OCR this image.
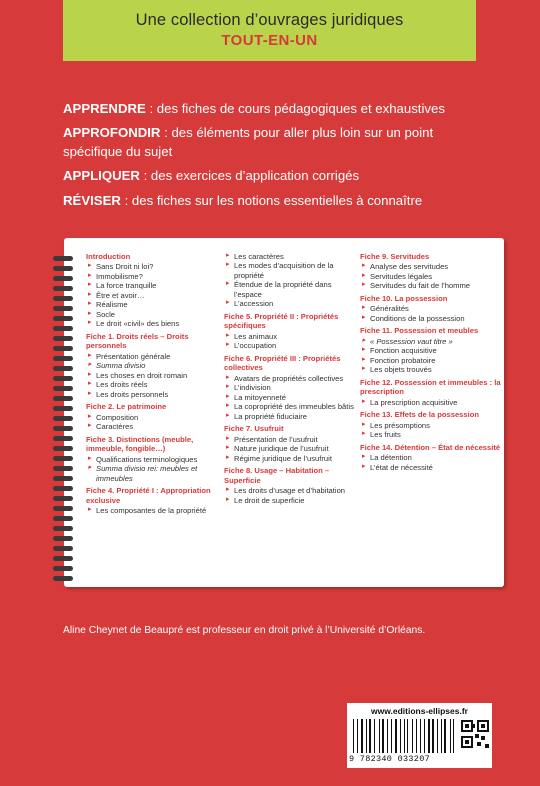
Une collection d’ouvrages juridiques
TOUT-EN-UN
APPRENDRE : des fiches de cours pédagogiques et exhaustives
APPROFONDIR : des éléments pour aller plus loin sur un point spécifique du sujet
APPLIQUER : des exercices d’application corrigés
RÉVISER : des fiches sur les notions essentielles à connaître
Introduction
▸ Sans Droit ni loi?
▸ Immobilisme?
▸ La force tranquille
▸ Être et avoir…
▸ Réalisme
▸ Socle
▸ Le droit «civil» des biens
Fiche 1. Droits réels – Droits personnels
▸ Présentation générale
▸ Summa divisio
▸ Les choses en droit romain
▸ Les droits réels
▸ Les droits personnels
Fiche 2. Le patrimoine
▸ Composition
▸ Caractères
Fiche 3. Distinctions (meuble, immeuble, fongible…)
▸ Qualifications terminologiques
▸ Summa divisio rei: meubles et immeubles
Fiche 4. Propriété I : Appropriation exclusive
▸ Les composantes de la propriété
▸ Les caractères
▸ Les modes d’acquisition de la propriété
▸ Étendue de la propriété dans l’espace
▸ L’accession
Fiche 5. Propriété II : Propriétés spécifiques
▸ Les animaux
▸ L’occupation
Fiche 6. Propriété III : Propriétés collectives
▸ Avatars de propriétés collectives
▸ L’indivision
▸ La mitoyenneté
▸ La copropriété des immeubles bâtis
▸ La propriété fiduciaire
Fiche 7. Usufruit
▸ Présentation de l’usufruit
▸ Nature juridique de l’usufruit
▸ Régime juridique de l’usufruit
Fiche 8. Usage – Habitation – Superficie
▸ Les droits d’usage et d’habitation
▸ Le droit de superficie
Fiche 9. Servitudes
▸ Analyse des servitudes
▸ Servitudes légales
▸ Servitudes du fait de l’homme
Fiche 10. La possession
▸ Généralités
▸ Conditions de la possession
Fiche 11. Possession et meubles
▸ « Possession vaut titre »
▸ Fonction acquisitive
▸ Fonction probatoire
▸ Les objets trouvés
Fiche 12. Possession et immeubles : la prescription
▸ La prescription acquisitive
Fiche 13. Effets de la possession
▸ Les présomptions
▸ Les fruits
Fiche 14. Détention – État de nécessité
▸ La détention
▸ L’état de nécessité
Aline Cheynet de Beaupré est professeur en droit privé à l’Université d’Orléans.
www.editions-ellipses.fr
9 782340 033207
